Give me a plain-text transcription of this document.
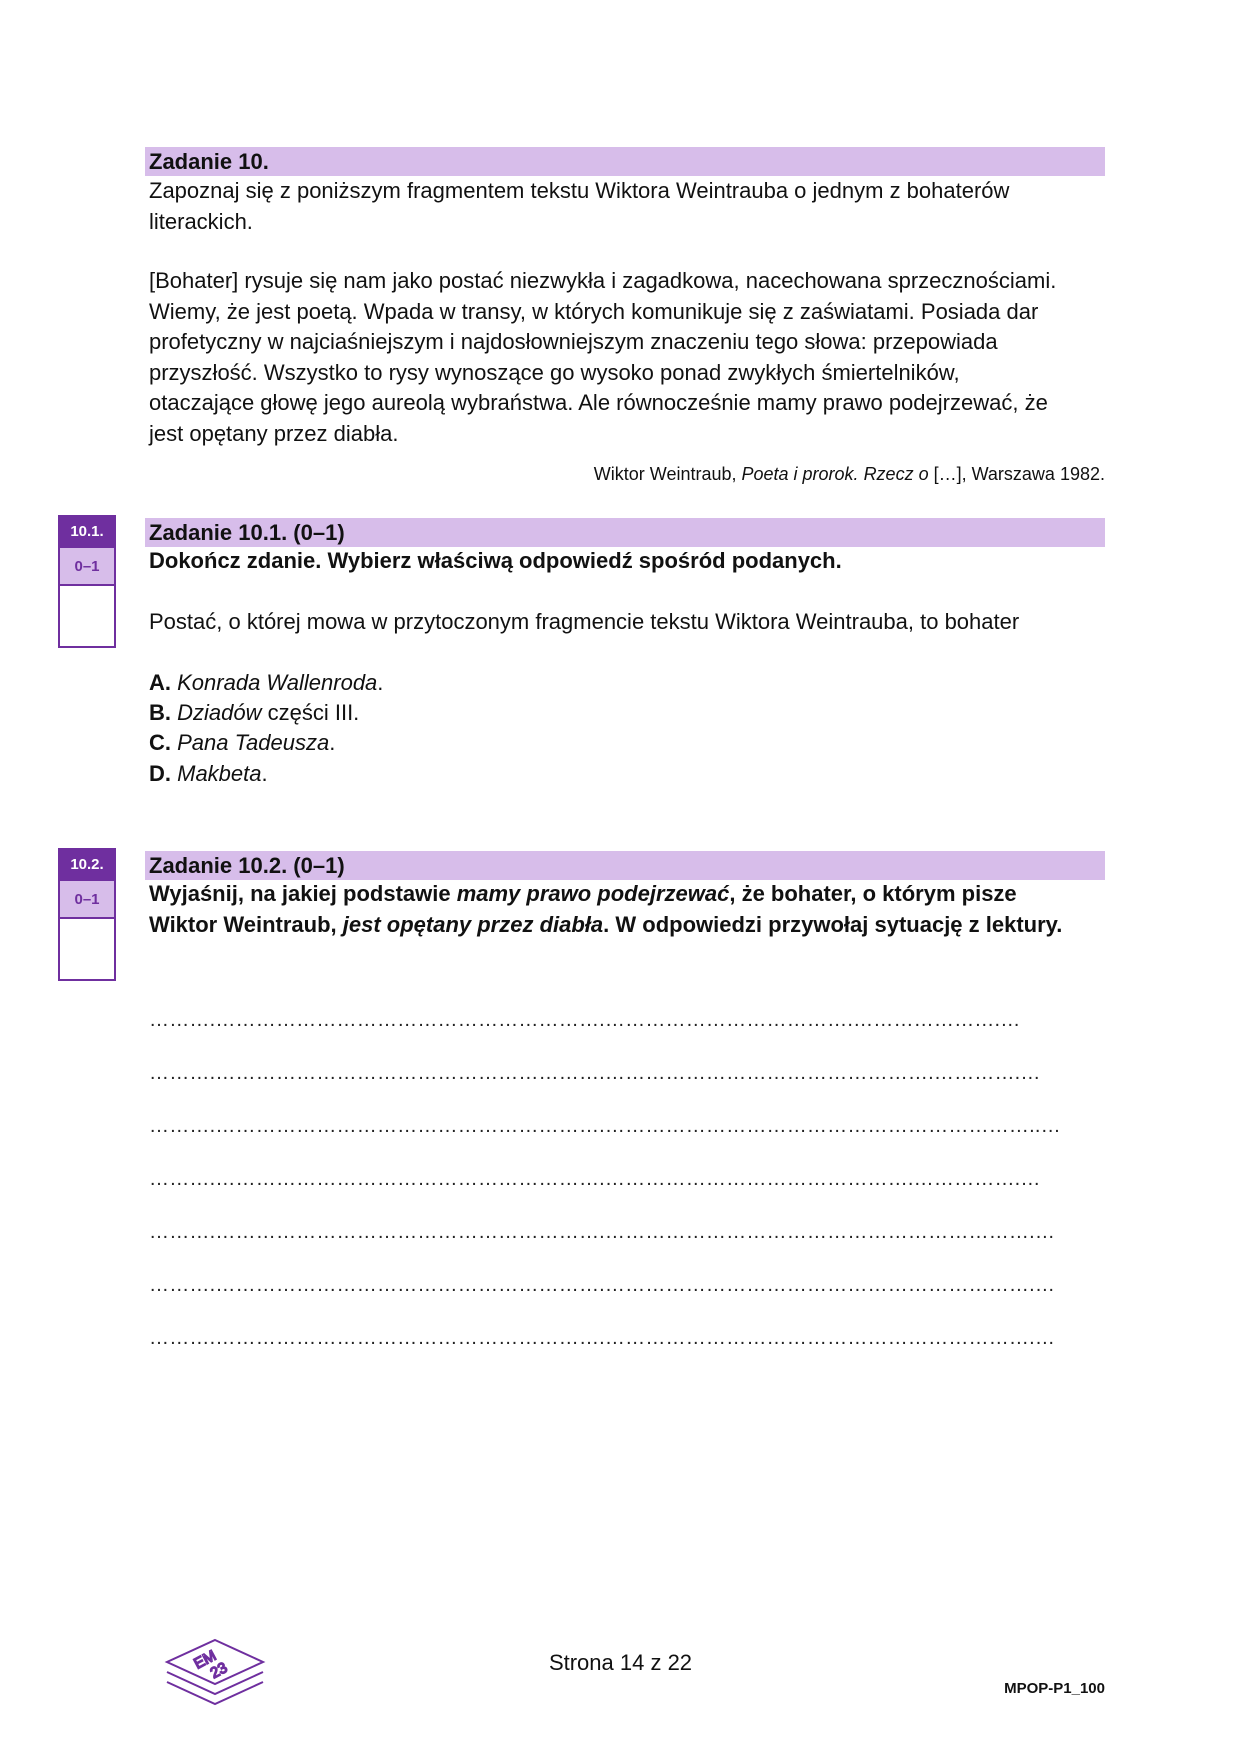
Zadanie 10.
Zapoznaj się z poniższym fragmentem tekstu Wiktora Weintrauba o jednym z bohaterów literackich.
[Bohater] rysuje się nam jako postać niezwykła i zagadkowa, nacechowana sprzecznościami. Wiemy, że jest poetą. Wpada w transy, w których komunikuje się z zaświatami. Posiada dar profetyczny w najciaśniejszym i najdosłowniejszym znaczeniu tego słowa: przepowiada przyszłość. Wszystko to rysy wynoszące go wysoko ponad zwykłych śmiertelników, otaczające głowę jego aureolą wybraństwa. Ale równocześnie mamy prawo podejrzewać, że jest opętany przez diabła.
Wiktor Weintraub, Poeta i prorok. Rzecz o […], Warszawa 1982.
10.1.
0–1
Zadanie 10.1. (0–1)
Dokończ zdanie. Wybierz właściwą odpowiedź spośród podanych.
Postać, o której mowa w przytoczonym fragmencie tekstu Wiktora Weintrauba, to bohater
A. Konrada Wallenroda.
B. Dziadów części III.
C. Pana Tadeusza.
D. Makbeta.
10.2.
0–1
Zadanie 10.2. (0–1)
Wyjaśnij, na jakiej podstawie mamy prawo podejrzewać, że bohater, o którym pisze Wiktor Weintraub, jest opętany przez diabła. W odpowiedzi przywołaj sytuację z lektury.
……….………………………………………………….……………………………….………………….…
……….………………………………………………….………………………………………….………….…
……….………………………………………………….………………………………………………………..…
……….………………………………………………….……………………………………….…………….…
……….………………………………………………….……………………………………………………….…
……….………………………………………………….……………………………………………………….…
……….………………………………………………….……………………………………………………….…
EM
23	Strona 14 z 22
MPOP-P1_100
